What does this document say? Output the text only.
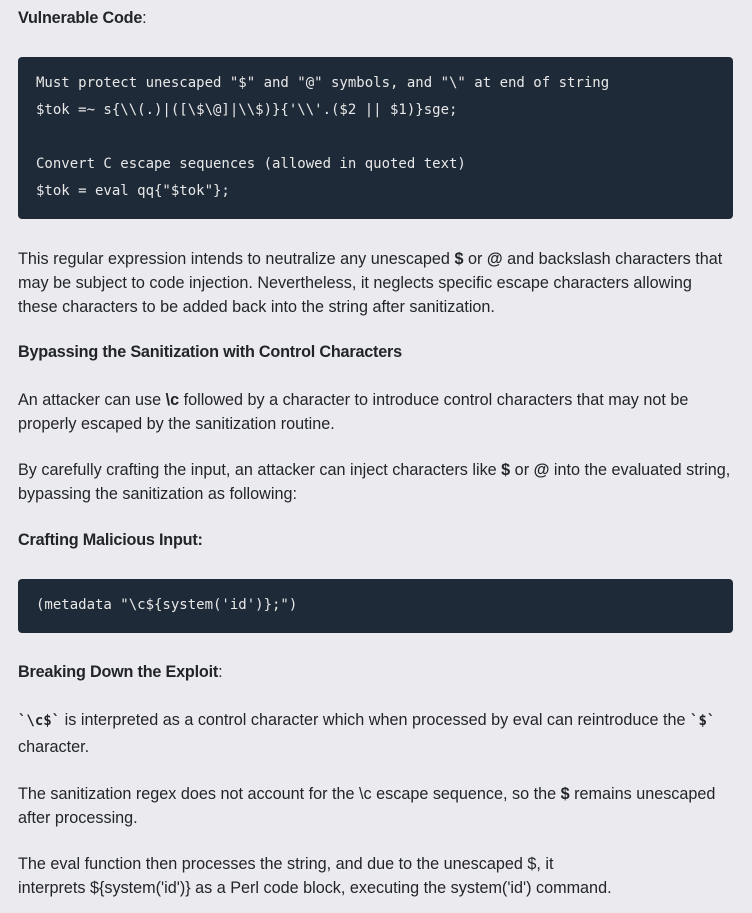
Vulnerable Code:
Must protect unescaped "$" and "@" symbols, and "\" at end of string
$tok =~ s{\\(.)|([\$\@]|\\$)}{'\\'.($2 || $1)}sge;
Convert C escape sequences (allowed in quoted text)
$tok = eval qq{"$tok"};
This regular expression intends to neutralize any unescaped $ or @ and backslash characters that may be subject to code injection. Nevertheless, it neglects specific escape characters allowing these characters to be added back into the string after sanitization.
Bypassing the Sanitization with Control Characters
An attacker can use \c followed by a character to introduce control characters that may not be properly escaped by the sanitization routine.
By carefully crafting the input, an attacker can inject characters like $ or @ into the evaluated string, bypassing the sanitization as following:
Crafting Malicious Input:
(metadata "\c${system('id')};")
Breaking Down the Exploit:
`\c$` is interpreted as a control character which when processed by eval can reintroduce the `$` character.
The sanitization regex does not account for the \c escape sequence, so the $ remains unescaped after processing.
The eval function then processes the string, and due to the unescaped $, it
interprets ${system('id')} as a Perl code block, executing the system('id') command.
